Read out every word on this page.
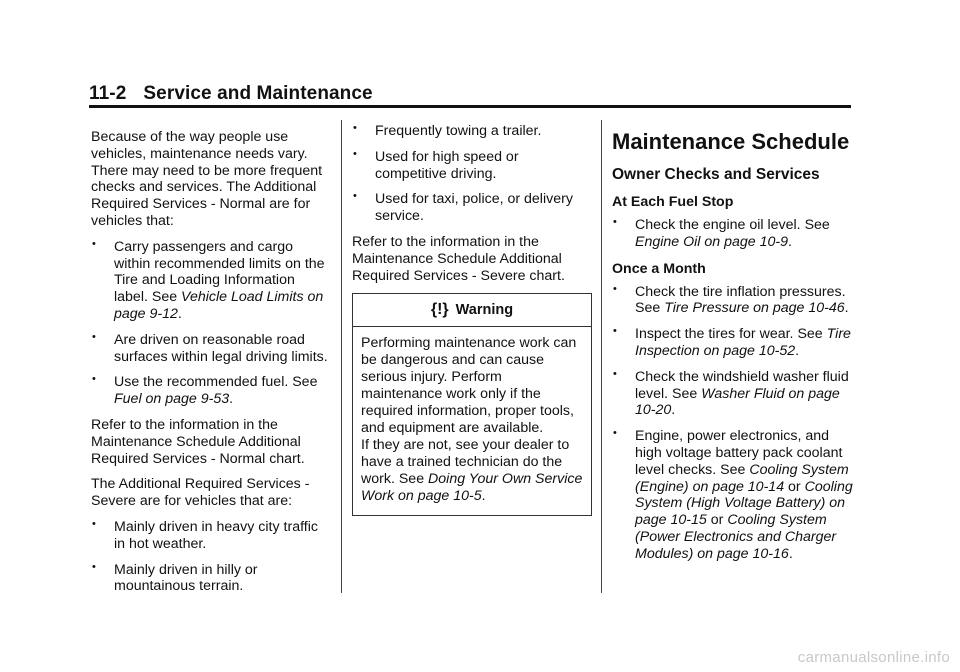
11-2 Service and Maintenance

Because of the way people use vehicles, maintenance needs vary. There may need to be more frequent checks and services. The Additional Required Services - Normal are for vehicles that:

• Carry passengers and cargo within recommended limits on the Tire and Loading Information label. See Vehicle Load Limits on page 9-12.
• Are driven on reasonable road surfaces within legal driving limits.
• Use the recommended fuel. See Fuel on page 9-53.

Refer to the information in the Maintenance Schedule Additional Required Services - Normal chart.

The Additional Required Services - Severe are for vehicles that are:

• Mainly driven in heavy city traffic in hot weather.
• Mainly driven in hilly or mountainous terrain.
• Frequently towing a trailer.
• Used for high speed or competitive driving.
• Used for taxi, police, or delivery service.

Refer to the information in the Maintenance Schedule Additional Required Services - Severe chart.

{!} Warning

Performing maintenance work can be dangerous and can cause serious injury. Perform maintenance work only if the required information, proper tools, and equipment are available.

If they are not, see your dealer to have a trained technician do the work. See Doing Your Own Service Work on page 10-5.

Maintenance Schedule
Owner Checks and Services
At Each Fuel Stop
• Check the engine oil level. See Engine Oil on page 10-9.
Once a Month
• Check the tire inflation pressures. See Tire Pressure on page 10-46.
• Inspect the tires for wear. See Tire Inspection on page 10-52.
• Check the windshield washer fluid level. See Washer Fluid on page 10-20.
• Engine, power electronics, and high voltage battery pack coolant level checks. See Cooling System (Engine) on page 10-14 or Cooling System (High Voltage Battery) on page 10-15 or Cooling System (Power Electronics and Charger Modules) on page 10-16.
carmanualsonline.info
